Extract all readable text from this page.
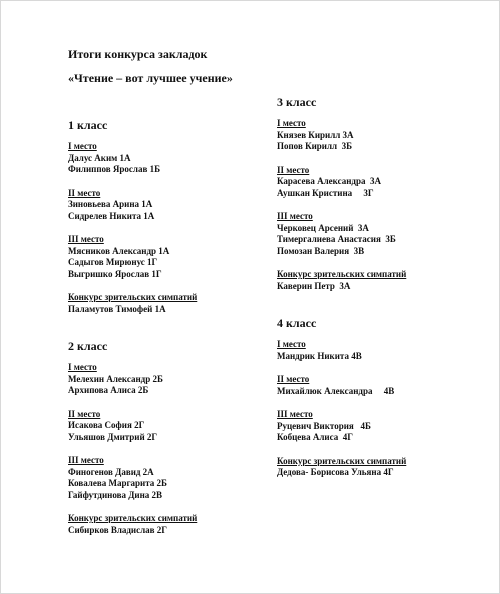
Итоги конкурса закладок
«Чтение – вот лучшее учение»
1 класс
I место
Далус Аким 1А
Филиппов Ярослав 1Б
II место
Зиновьева Арина 1А
Сидрелев Никита 1А
III место
Мясников Александр 1А
Садыгов Мирюнус 1Г
Выгришко Ярослав 1Г
Конкурс зрительских симпатий
Паламутов Тимофей 1А
2 класс
I место
Мелехин Александр 2Б
Архипова Алиса 2Б
II место
Исакова София 2Г
Ульяшов Дмитрий 2Г
III место
Финогенов Давид 2А
Ковалева Маргарита 2Б
Гайфутдинова Дина 2В
Конкурс зрительских симпатий
Сибирков Владислав 2Г
3 класс
I место
Князев Кирилл 3А
Попов Кирилл  3Б
II место
Карасева Александра  3А
Аушкан Кристина     3Г
III место
Черковец Арсений  3А
Тимергалиева Анастасия  3Б
Помозан Валерия  3В
Конкурс зрительских симпатий
Каверин Петр  3А
4 класс
I место
Мандрик Никита 4В
II место
Михайлюк Александра     4В
III место
Руцевич Виктория   4Б
Кобцева Алиса  4Г
Конкурс зрительских симпатий
Дедова- Борисова Ульяна 4Г
